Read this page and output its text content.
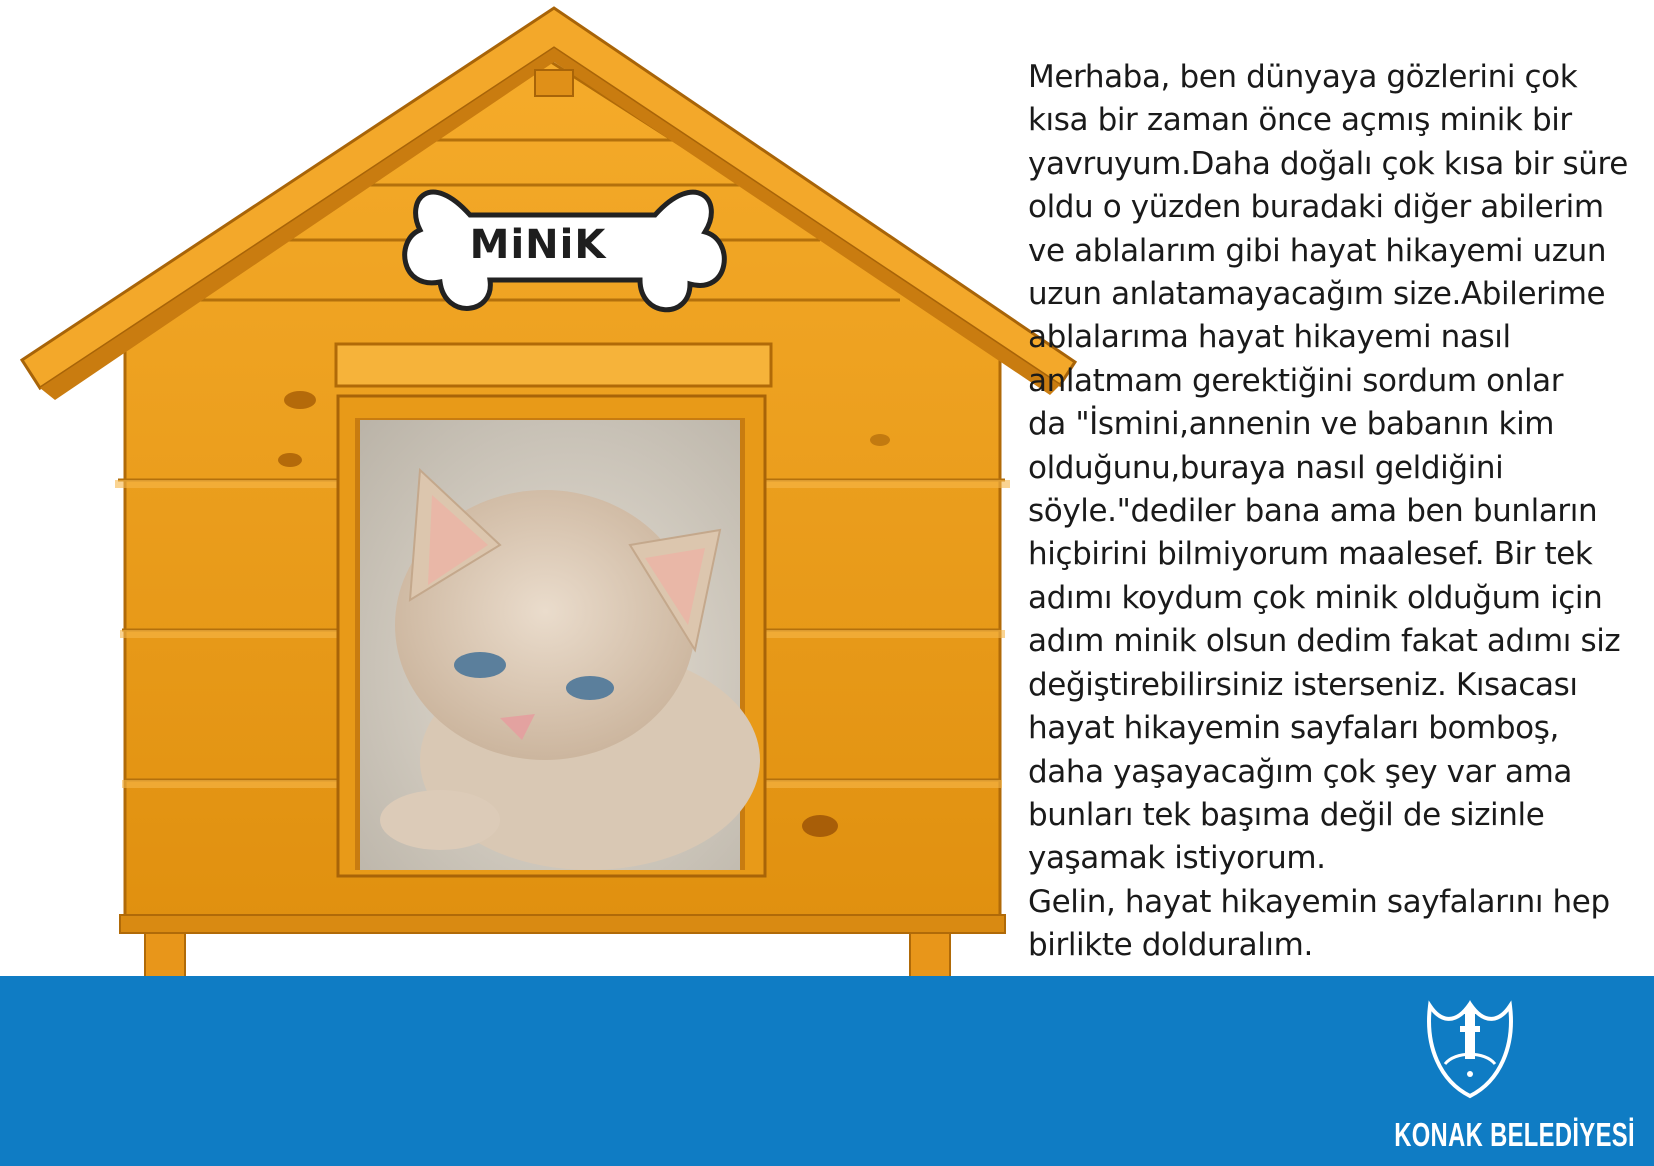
MiNiK

Merhaba, ben dünyaya gözlerini çok
kısa bir zaman önce açmış minik bir
yavruyum.Daha doğalı çok kısa bir süre
oldu o yüzden buradaki diğer abilerim
ve ablalarım gibi hayat hikayemi uzun
uzun anlatamayacağım size.Abilerime
ablalarıma hayat hikayemi nasıl
anlatmam gerektiğini sordum onlar
da "İsmini,annenin ve babanın kim
olduğunu,buraya nasıl geldiğini
söyle."dediler bana ama ben bunların
hiçbirini bilmiyorum maalesef. Bir tek
adımı koydum çok minik olduğum için
adım minik olsun dedim fakat adımı siz
değiştirebilirsiniz isterseniz. Kısacası
hayat hikayemin sayfaları bomboş,
daha yaşayacağım çok şey var ama
bunları tek başıma değil de sizinle
yaşamak istiyorum.
Gelin, hayat hikayemin sayfalarını hep
birlikte dolduralım.

KONAK BELEDİYESİ
